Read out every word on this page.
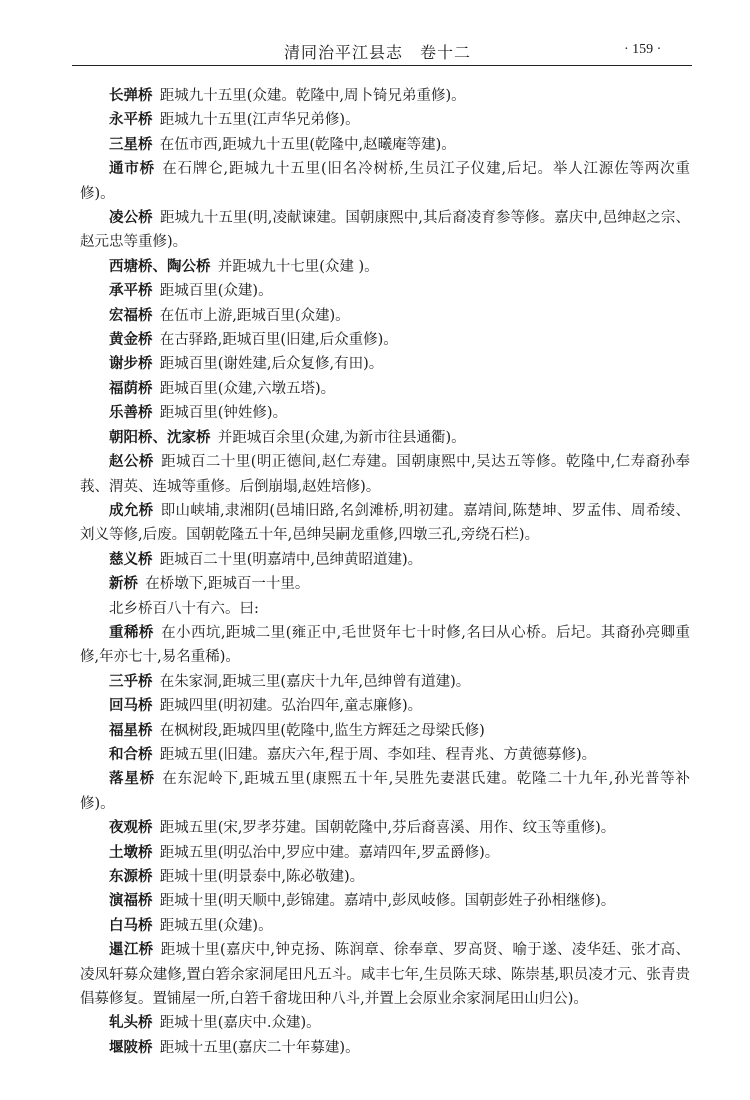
清同治平江县志　卷十二	· 159 ·

长弹桥 距城九十五里(众建。乾隆中,周卜锜兄弟重修)。

永平桥 距城九十五里(江声华兄弟修)。

三星桥 在伍市西,距城九十五里(乾隆中,赵曦庵等建)。

通市桥 在石牌仑,距城九十五里(旧名冷树桥,生员江子仪建,后圮。举人江源佐等两次重修)。

凌公桥 距城九十五里(明,凌献谏建。国朝康熙中,其后裔凌育参等修。嘉庆中,邑绅赵之宗、赵元忠等重修)。

西塘桥、陶公桥 并距城九十七里(众建 )。

承平桥 距城百里(众建)。

宏福桥 在伍市上游,距城百里(众建)。

黄金桥 在古驿路,距城百里(旧建,后众重修)。

谢步桥 距城百里(谢姓建,后众复修,有田)。

福荫桥 距城百里(众建,六墩五塔)。

乐善桥 距城百里(钟姓修)。

朝阳桥、沈家桥 并距城百余里(众建,为新市往县通衢)。

赵公桥 距城百二十里(明正德间,赵仁寿建。国朝康熙中,吴达五等修。乾隆中,仁寿裔孙奉莪、渭英、连城等重修。后倒崩塌,赵姓培修)。

成允桥 即山峡埔,隶湘阴(邑埔旧路,名剑滩桥,明初建。嘉靖间,陈楚坤、罗孟伟、周希绫、刘义等修,后废。国朝乾隆五十年,邑绅吴嗣龙重修,四墩三孔,旁绕石栏)。

慈义桥 距城百二十里(明嘉靖中,邑绅黄昭道建)。

新桥 在桥墩下,距城百一十里。

北乡桥百八十有六。曰:

重稀桥 在小西坑,距城二里(雍正中,毛世贤年七十时修,名曰从心桥。后圮。其裔孙亮卿重修,年亦七十,易名重稀)。

三乎桥 在朱家洞,距城三里(嘉庆十九年,邑绅曾有道建)。

回马桥 距城四里(明初建。弘治四年,童志廉修)。

福星桥 在枫树段,距城四里(乾隆中,监生方辉廷之母梁氏修)

和合桥 距城五里(旧建。嘉庆六年,程于周、李如珪、程青兆、方黄德募修)。

落星桥 在东泥岭下,距城五里(康熙五十年,吴胜先妻湛氏建。乾隆二十九年,孙光普等补修)。

夜观桥 距城五里(宋,罗孝芬建。国朝乾隆中,芬后裔喜溪、用作、纹玉等重修)。

土墩桥 距城五里(明弘治中,罗应中建。嘉靖四年,罗孟爵修)。

东源桥 距城十里(明景泰中,陈必敬建)。

演福桥 距城十里(明天顺中,彭锦建。嘉靖中,彭凤岐修。国朝彭姓子孙相继修)。

白马桥 距城五里(众建)。

暹江桥 距城十里(嘉庆中,钟克扬、陈润章、徐奉章、罗高贤、喻于遂、凌华廷、张才高、凌凤轩募众建修,置白箬余家洞尾田凡五斗。咸丰七年,生员陈天球、陈崇基,职员凌才元、张青贵倡募修复。置铺屋一所,白箬千畲垅田种八斗,并置上会原业余家洞尾田山归公)。

轧头桥 距城十里(嘉庆中.众建)。

堰陂桥 距城十五里(嘉庆二十年募建)。
